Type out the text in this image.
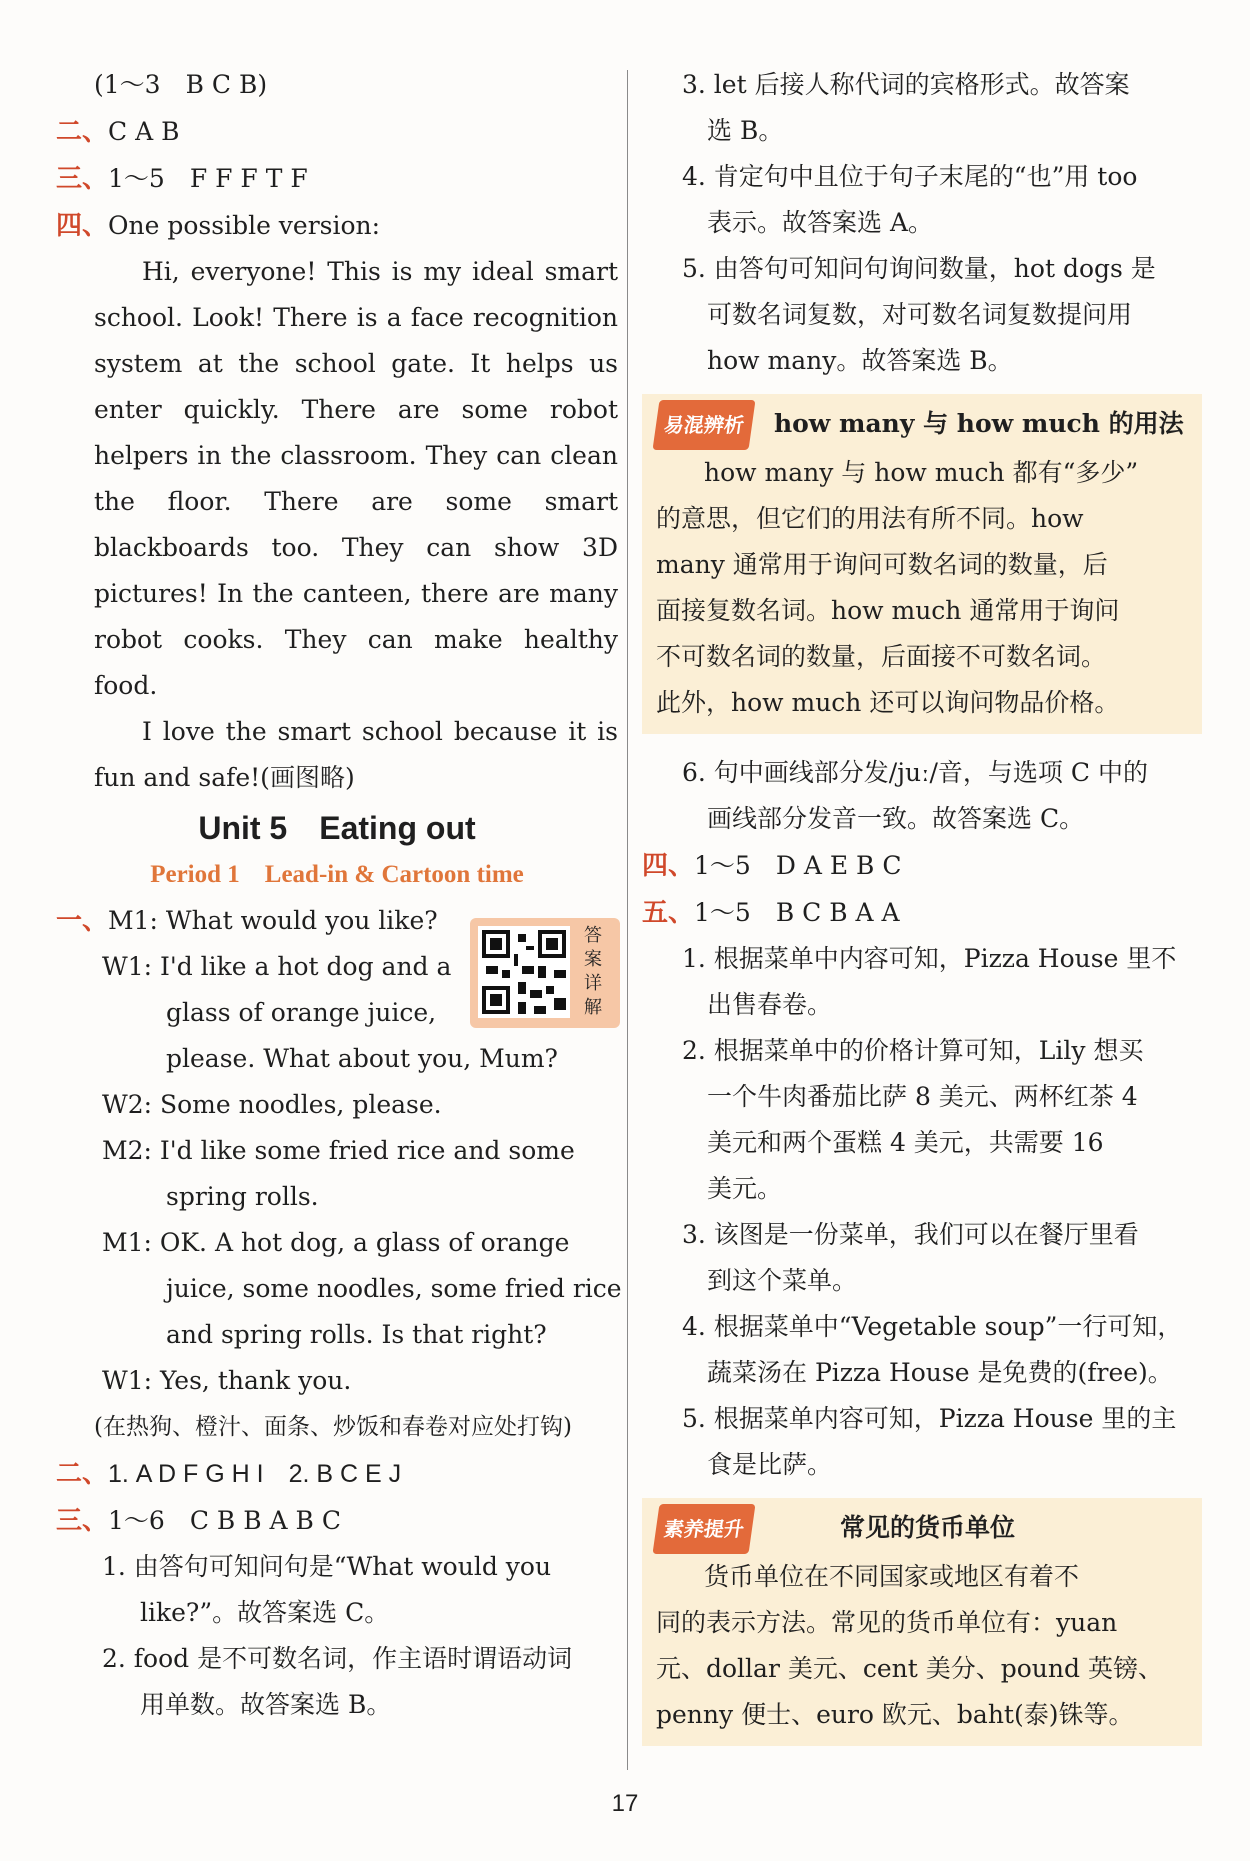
(1～3　B C B)
二、C A B
三、1～5　F F F T F
四、One possible version:
Hi, everyone! This is my ideal smart
school. Look! There is a face recognition
system at the school gate. It helps us
enter quickly. There are some robot
helpers in the classroom. They can clean
the floor. There are some smart
blackboards too. They can show 3D
pictures! In the canteen, there are many
robot cooks. They can make healthy
food.
I love the smart school because it is
fun and safe!(画图略)
Unit 5　Eating out
Period 1　Lead-in & Cartoon time
一、M1: What would you like?
W1: I'd like a hot dog and a
glass of orange juice,
please. What about you, Mum?
W2: Some noodles, please.
M2: I'd like some fried rice and some
spring rolls.
M1: OK. A hot dog, a glass of orange
juice, some noodles, some fried rice
and spring rolls. Is that right?
W1: Yes, thank you.
(在热狗、橙汁、面条、炒饭和春卷对应处打钩)
二、1. A D F G H I　2. B C E J
三、1～6　C B B A B C
1. 由答句可知问句是“What would you
like?”。故答案选 C。
2. food 是不可数名词，作主语时谓语动词
用单数。故答案选 B。
答案详解
3. let 后接人称代词的宾格形式。故答案
选 B。
4. 肯定句中且位于句子末尾的“也”用 too
表示。故答案选 A。
5. 由答句可知问句询问数量，hot dogs 是
可数名词复数，对可数名词复数提问用
how many。故答案选 B。
易混辨析 how many 与 how much 的用法
how many 与 how much 都有“多少”
的意思，但它们的用法有所不同。how
many 通常用于询问可数名词的数量，后
面接复数名词。how much 通常用于询问
不可数名词的数量，后面接不可数名词。
此外，how much 还可以询问物品价格。
6. 句中画线部分发/juː/音，与选项 C 中的
画线部分发音一致。故答案选 C。
四、1～5　D A E B C
五、1～5　B C B A A
1. 根据菜单中内容可知，Pizza House 里不
出售春卷。
2. 根据菜单中的价格计算可知，Lily 想买
一个牛肉番茄比萨 8 美元、两杯红茶 4
美元和两个蛋糕 4 美元，共需要 16
美元。
3. 该图是一份菜单，我们可以在餐厅里看
到这个菜单。
4. 根据菜单中“Vegetable soup”一行可知，
蔬菜汤在 Pizza House 是免费的(free)。
5. 根据菜单内容可知，Pizza House 里的主
食是比萨。
素养提升	常见的货币单位
货币单位在不同国家或地区有着不
同的表示方法。常见的货币单位有：yuan
元、dollar 美元、cent 美分、pound 英镑、
penny 便士、euro 欧元、baht(泰)铢等。
17
